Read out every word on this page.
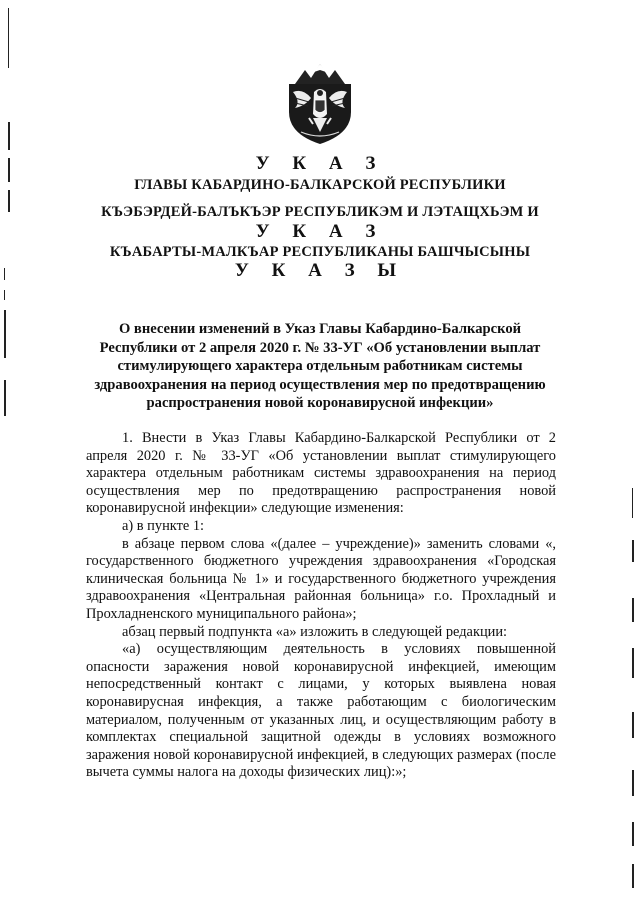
У К А З
ГЛАВЫ КАБАРДИНО-БАЛКАРСКОЙ РЕСПУБЛИКИ
КЪЭБЭРДЕЙ-БАЛЪКЪЭР РЕСПУБЛИКЭМ И ЛЭТАЩХЬЭМ И
У К А З
КЪАБАРТЫ-МАЛКЪАР РЕСПУБЛИКАНЫ БАШЧЫСЫНЫ
У К А З Ы
О внесении изменений в Указ Главы Кабардино-Балкарской Республики от 2 апреля 2020 г. № 33-УГ «Об установлении выплат стимулирующего характера отдельным работникам системы здравоохранения на период осуществления мер по предотвращению распространения новой коронавирусной инфекции»

1. Внести в Указ Главы Кабардино-Балкарской Республики от 2 апреля 2020 г. № 33-УГ «Об установлении выплат стимулирующего характера отдельным работникам системы здравоохранения на период осуществления мер по предотвращению распространения новой коронавирусной инфекции» следующие изменения:

а) в пункте 1:

в абзаце первом слова «(далее – учреждение)» заменить словами «, государственного бюджетного учреждения здравоохранения «Городская клиническая больница № 1» и государственного бюджетного учреждения здравоохранения «Центральная районная больница» г.о. Прохладный и Прохладненского муниципального района»;

абзац первый подпункта «а» изложить в следующей редакции:

«а) осуществляющим деятельность в условиях повышенной опасности заражения новой коронавирусной инфекцией, имеющим непосредственный контакт с лицами, у которых выявлена новая коронавирусная инфекция, а также работающим с биологическим материалом, полученным от указанных лиц, и осуществляющим работу в комплектах специальной защитной одежды в условиях возможного заражения новой коронавирусной инфекцией, в следующих размерах (после вычета суммы налога на доходы физических лиц):»;
